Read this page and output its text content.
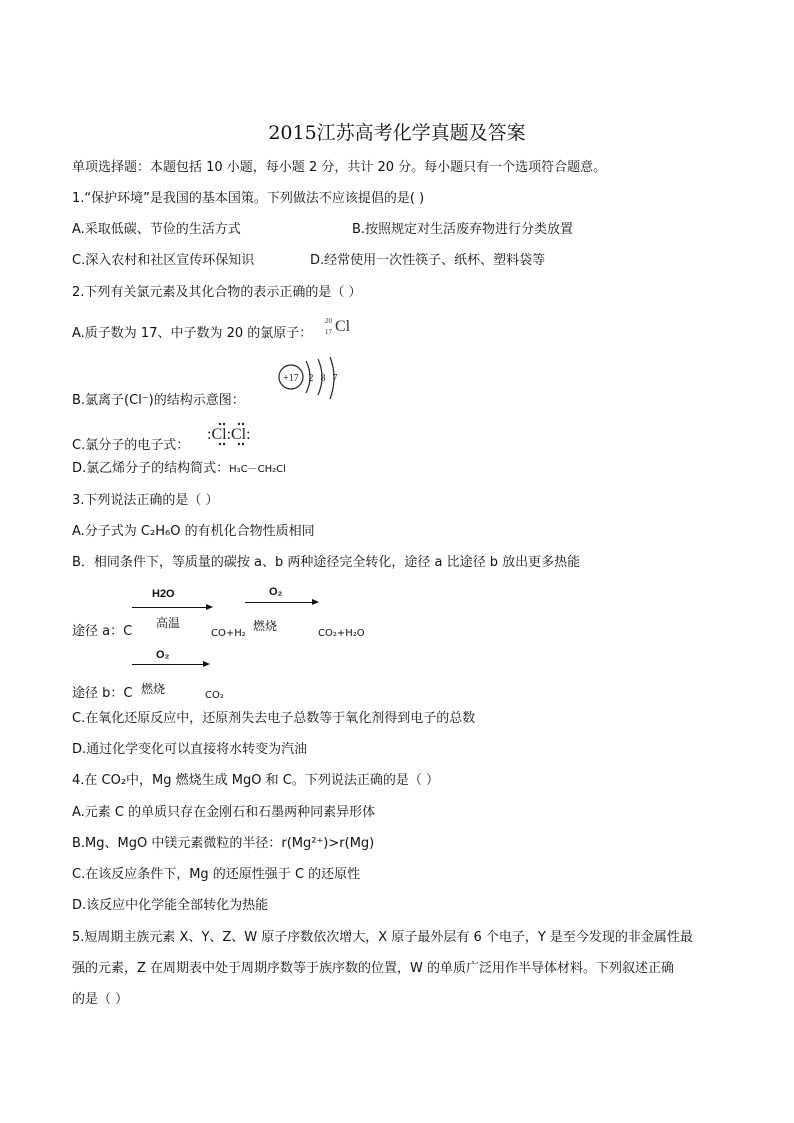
2015江苏高考化学真题及答案
单项选择题：本题包括 10 小题，每小题 2 分，共计 20 分。每小题只有一个选项符合题意。
1.“保护环境”是我国的基本国策。下列做法不应该提倡的是( )
A.采取低碳、节俭的生活方式	B.按照规定对生活废弃物进行分类放置
C.深入农村和社区宣传环保知识	D.经常使用一次性筷子、纸杯、塑料袋等
2.下列有关氯元素及其化合物的表示正确的是（ ）
A.质子数为 17、中子数为 20 的氯原子：
20
17 Cl
B.氯离子(Cl⁻)的结构示意图：
+17 2 8 7
C.氯分子的电子式：
:Cl:Cl:
D.氯乙烯分子的结构简式：H₃C－CH₂Cl
3.下列说法正确的是（ ）
A.分子式为 C₂H₆O 的有机化合物性质相同
B．相同条件下，等质量的碳按 a、b 两种途径完全转化，途径 a 比途径 b 放出更多热能
途径 a：C
H2O
高温
CO+H₂
O₂
燃烧
CO₂+H₂O
途径 b：C
O₂
燃烧	CO₂
C.在氧化还原反应中，还原剂失去电子总数等于氧化剂得到电子的总数
D.通过化学变化可以直接将水转变为汽油
4.在 CO₂中，Mg 燃烧生成 MgO 和 C。下列说法正确的是（ ）
A.元素 C 的单质只存在金刚石和石墨两种同素异形体
B.Mg、MgO 中镁元素微粒的半径：r(Mg²⁺)>r(Mg)
C.在该反应条件下，Mg 的还原性强于 C 的还原性
D.该反应中化学能全部转化为热能
5.短周期主族元素 X、Y、Z、W 原子序数依次增大，X 原子最外层有 6 个电子，Y 是至今发现的非金属性最
强的元素，Z 在周期表中处于周期序数等于族序数的位置，W 的单质广泛用作半导体材料。下列叙述正确
的是（ ）
